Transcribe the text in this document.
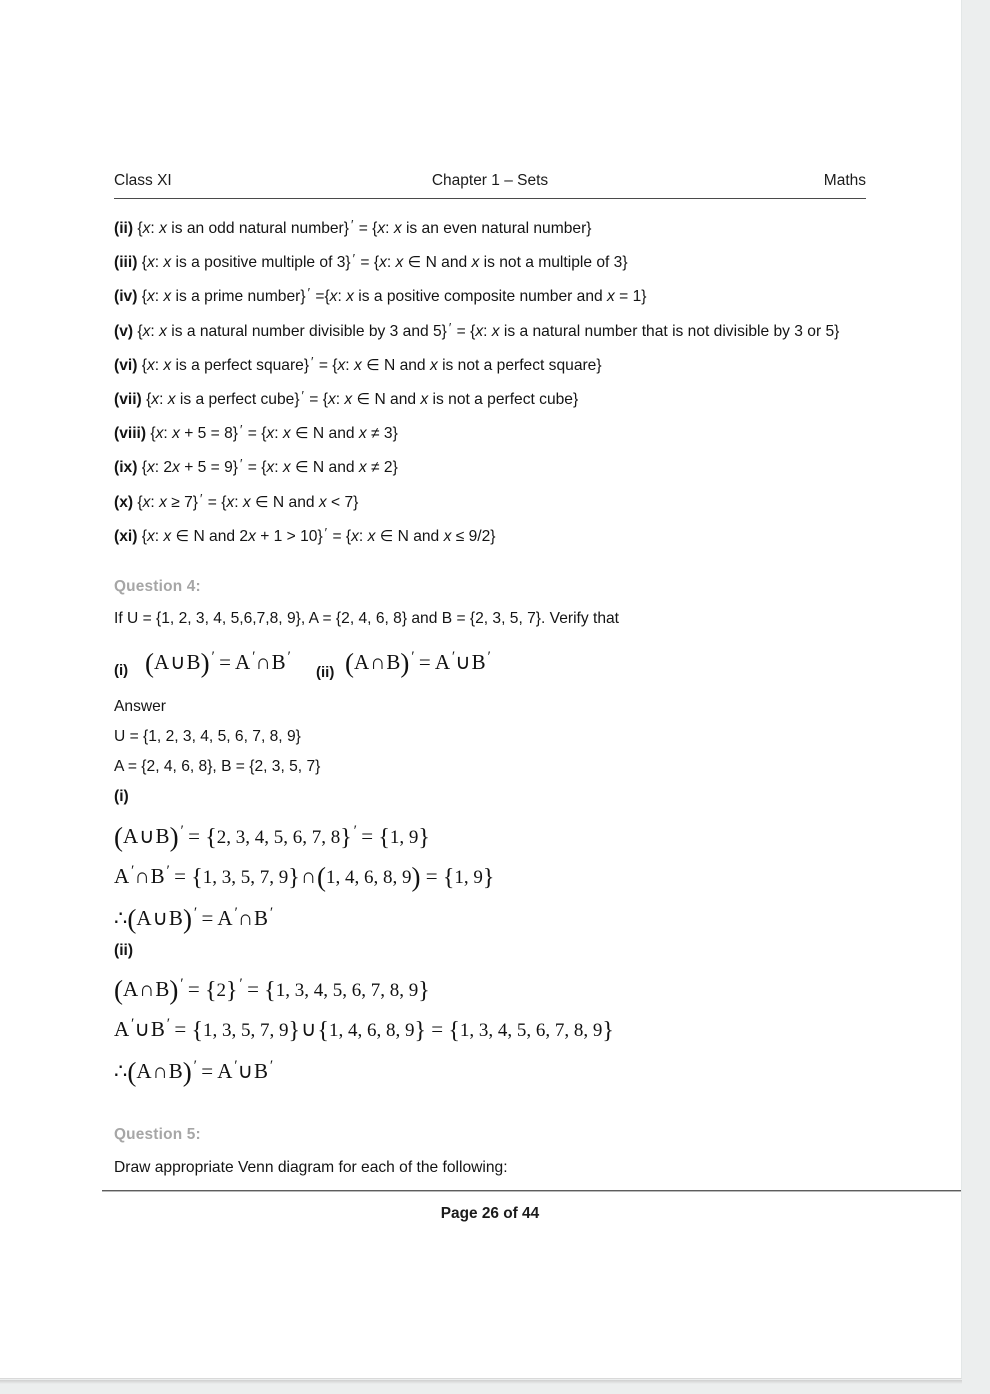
Class XI	Chapter 1 – Sets	Maths
(ii) {x: x is an odd natural number} ′ = {x: x is an even natural number}
(iii) {x: x is a positive multiple of 3} ′ = {x: x ∈ N and x is not a multiple of 3}
(iv) {x: x is a prime number} ′ ={x: x is a positive composite number and x = 1}
(v) {x: x is a natural number divisible by 3 and 5} ′ = {x: x is a natural number that is not divisible by 3 or 5}
(vi) {x: x is a perfect square} ′ = {x: x ∈ N and x is not a perfect square}
(vii) {x: x is a perfect cube} ′ = {x: x ∈ N and x is not a perfect cube}
(viii) {x: x + 5 = 8} ′ = {x: x ∈ N and x ≠ 3}
(ix) {x: 2x + 5 = 9} ′ = {x: x ∈ N and x ≠ 2}
(x) {x: x ≥ 7} ′ = {x: x ∈ N and x < 7}
(xi) {x: x ∈ N and 2x + 1 > 10} ′ = {x: x ∈ N and x ≤ 9/2}
Question 4:
If U = {1, 2, 3, 4, 5,6,7,8, 9}, A = {2, 4, 6, 8} and B = {2, 3, 5, 7}. Verify that
(i) (A∪B)′ = A′∩B′
(ii) (A∩B)′ = A′∪B′
Answer
U = {1, 2, 3, 4, 5, 6, 7, 8, 9}
A = {2, 4, 6, 8}, B = {2, 3, 5, 7}
(i)
(A∪B)′ = {2, 3, 4, 5, 6, 7, 8}′ = {1, 9}
A′∩B′ = {1, 3, 5, 7, 9}∩(1, 4, 6, 8, 9) = {1, 9}
∴(A∪B)′ = A′∩B′
(ii)
(A∩B)′ = {2}′ = {1, 3, 4, 5, 6, 7, 8, 9}
A′∪B′ = {1, 3, 5, 7, 9}∪{1, 4, 6, 8, 9} = {1, 3, 4, 5, 6, 7, 8, 9}
∴(A∩B)′ = A′∪B′
Question 5:
Draw appropriate Venn diagram for each of the following:
Page 26 of 44
